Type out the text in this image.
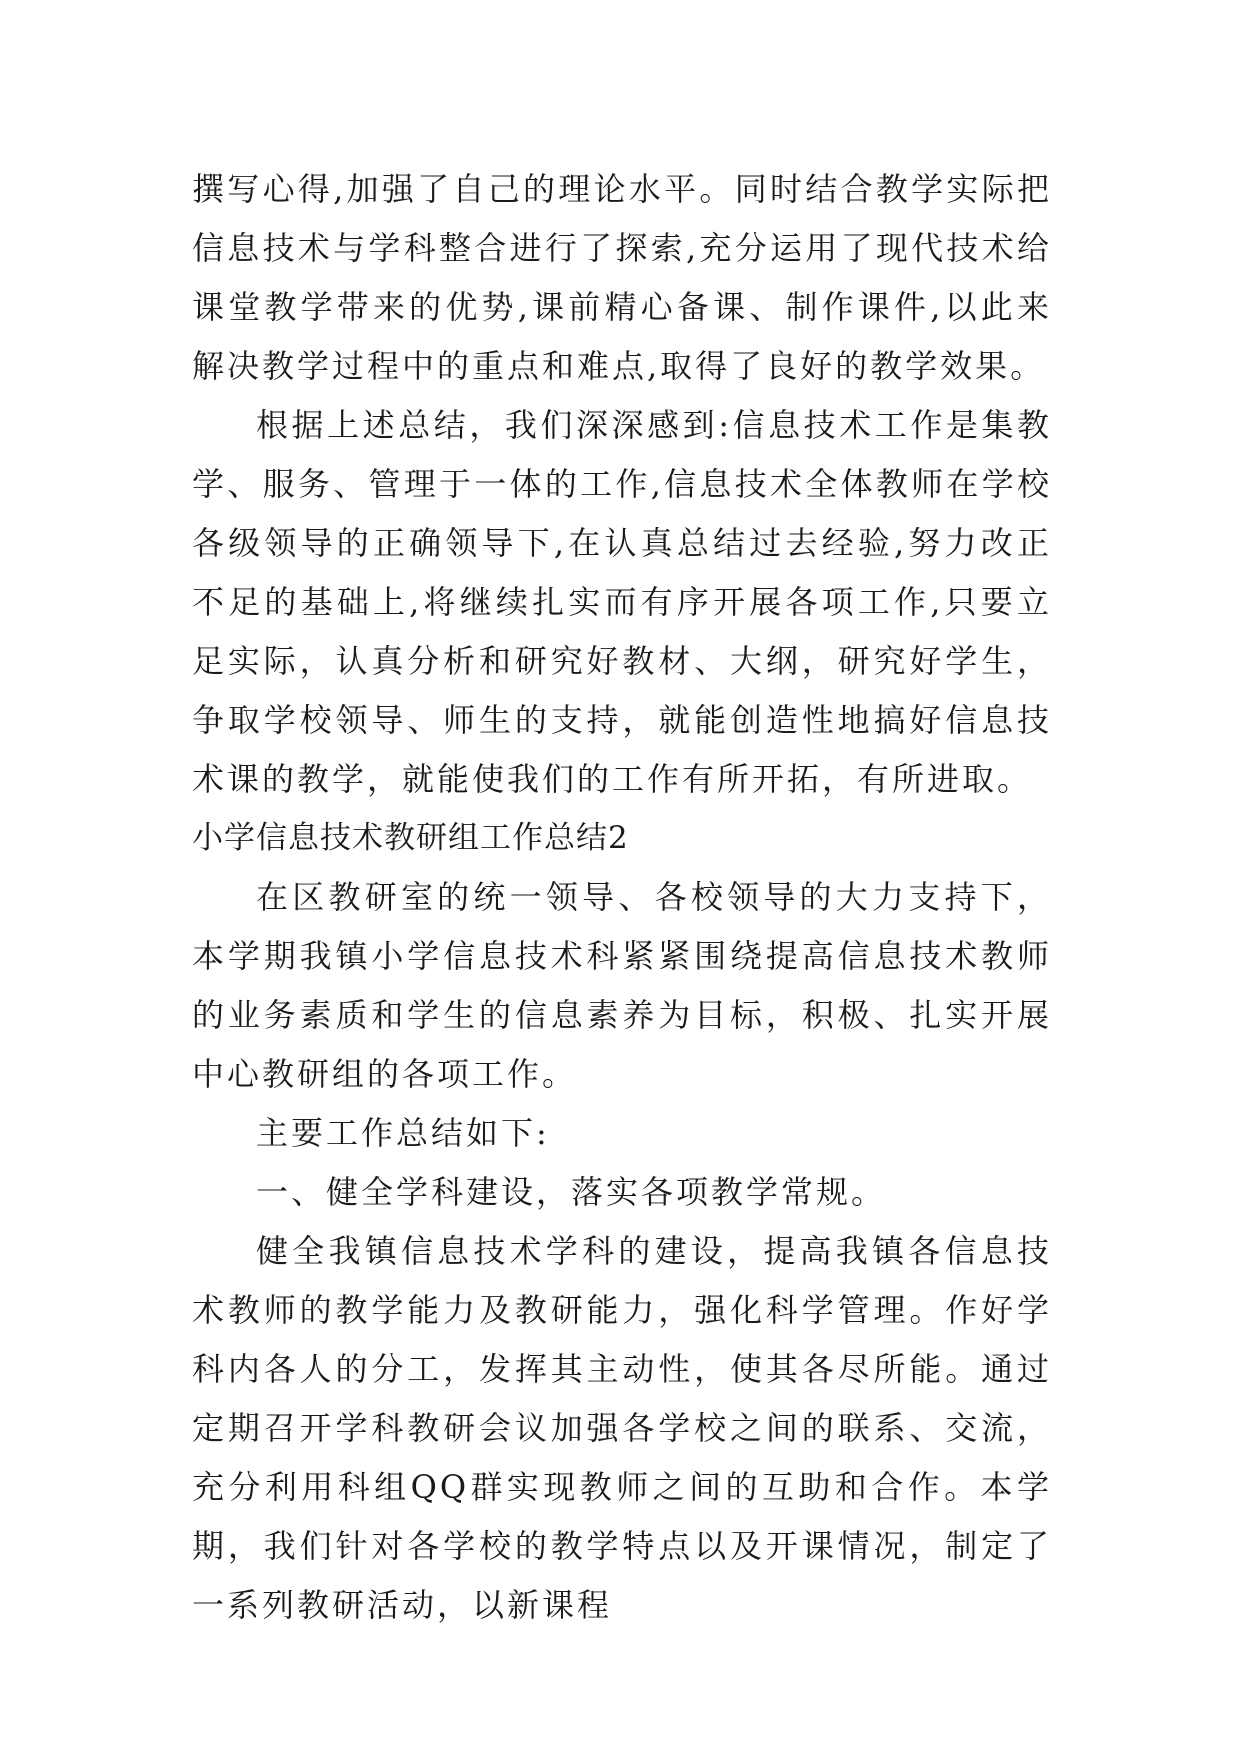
撰写心得,加强了自己的理论水平。同时结合教学实际把信息技术与学科整合进行了探索,充分运用了现代技术给课堂教学带来的优势,课前精心备课、制作课件,以此来解决教学过程中的重点和难点,取得了良好的教学效果。

根据上述总结，我们深深感到:信息技术工作是集教学、服务、管理于一体的工作,信息技术全体教师在学校各级领导的正确领导下,在认真总结过去经验,努力改正不足的基础上,将继续扎实而有序开展各项工作,只要立足实际，认真分析和研究好教材、大纲，研究好学生，争取学校领导、师生的支持，就能创造性地搞好信息技术课的教学，就能使我们的工作有所开拓，有所进取。

小学信息技术教研组工作总结2

在区教研室的统一领导、各校领导的大力支持下，本学期我镇小学信息技术科紧紧围绕提高信息技术教师的业务素质和学生的信息素养为目标，积极、扎实开展中心教研组的各项工作。

主要工作总结如下:

一、健全学科建设，落实各项教学常规。

健全我镇信息技术学科的建设，提高我镇各信息技术教师的教学能力及教研能力，强化科学管理。作好学科内各人的分工，发挥其主动性，使其各尽所能。通过定期召开学科教研会议加强各学校之间的联系、交流，充分利用科组QQ群实现教师之间的互助和合作。本学期，我们针对各学校的教学特点以及开课情况，制定了一系列教研活动，以新课程
